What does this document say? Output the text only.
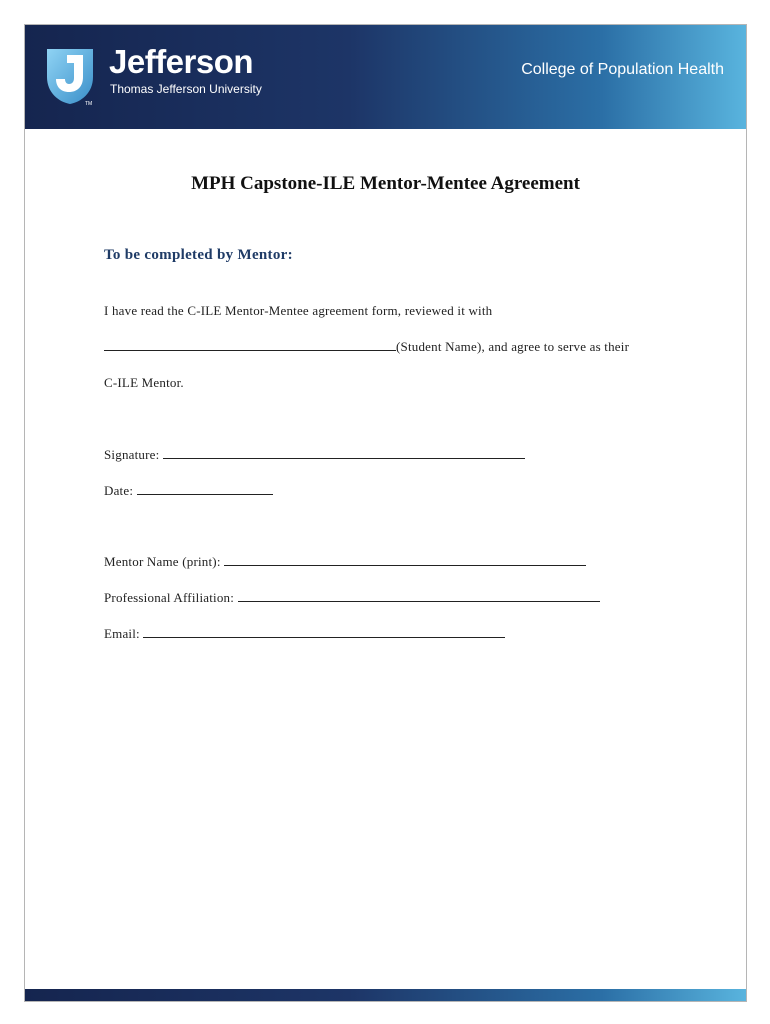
TM
Jefferson
Thomas Jefferson University
College of Population Health
MPH Capstone-ILE Mentor-Mentee Agreement
To be completed by Mentor:
I have read the C-ILE Mentor-Mentee agreement form, reviewed it with
(Student Name), and agree to serve as their
C-ILE Mentor.
Signature:
Date:
Mentor Name (print):
Professional Affiliation:
Email:
